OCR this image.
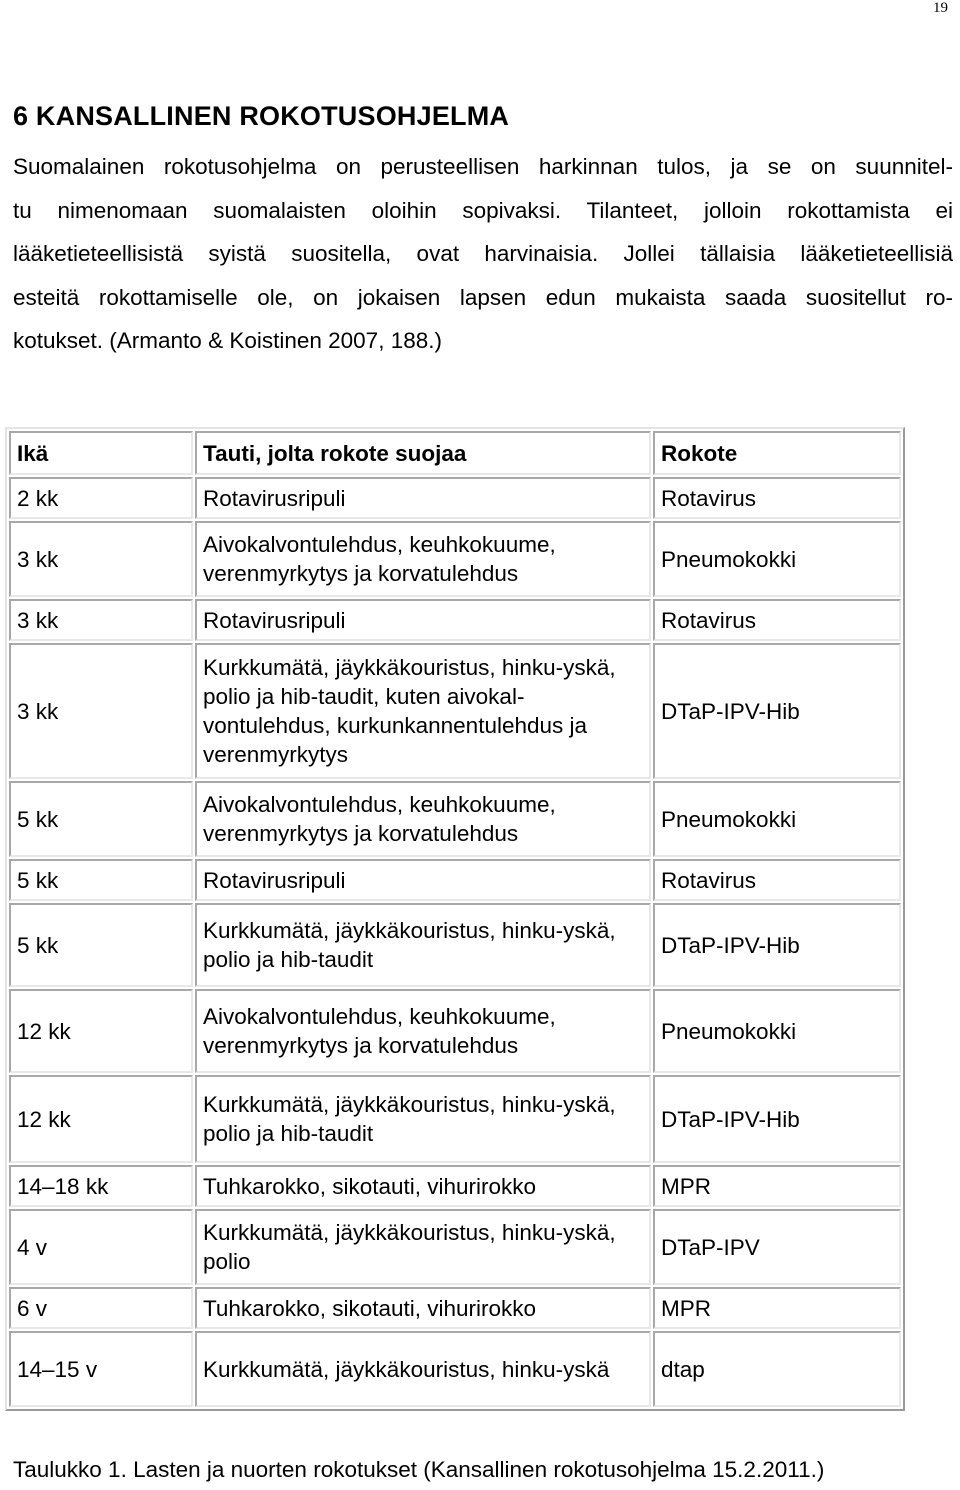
19
6 KANSALLINEN ROKOTUSOHJELMA

Suomalainen rokotusohjelma on perusteellisen harkinnan tulos, ja se on suunnitel-
tu nimenomaan suomalaisten oloihin sopivaksi. Tilanteet, jolloin rokottamista ei
lääketieteellisistä syistä suositella, ovat harvinaisia. Jollei tällaisia lääketieteellisiä
esteitä rokottamiselle ole, on jokaisen lapsen edun mukaista saada suositellut ro-
kotukset. (Armanto & Koistinen 2007, 188.)

Ikä	Tauti, jolta rokote suojaa	Rokote
2 kk	Rotavirusripuli	Rotavirus
3 kk	Aivokalvontulehdus, keuhkokuume, verenmyrkytys ja korvatulehdus	Pneumokokki
3 kk	Rotavirusripuli	Rotavirus
3 kk	Kurkkumätä, jäykkäkouristus, hinku-yskä, polio ja hib-taudit, kuten aivokal-vontulehdus, kurkunkannentulehdus ja verenmyrkytys	DTaP-IPV-Hib
5 kk	Aivokalvontulehdus, keuhkokuume, verenmyrkytys ja korvatulehdus	Pneumokokki
5 kk	Rotavirusripuli	Rotavirus
5 kk	Kurkkumätä, jäykkäkouristus, hinku-yskä, polio ja hib-taudit	DTaP-IPV-Hib
12 kk	Aivokalvontulehdus, keuhkokuume, verenmyrkytys ja korvatulehdus	Pneumokokki
12 kk	Kurkkumätä, jäykkäkouristus, hinku-yskä, polio ja hib-taudit	DTaP-IPV-Hib
14–18 kk	Tuhkarokko, sikotauti, vihurirokko	MPR
4 v	Kurkkumätä, jäykkäkouristus, hinku-yskä, polio	DTaP-IPV
6 v	Tuhkarokko, sikotauti, vihurirokko	MPR
14–15 v	Kurkkumätä, jäykkäkouristus, hinku-yskä	dtap

Taulukko 1. Lasten ja nuorten rokotukset (Kansallinen rokotusohjelma 15.2.2011.)
